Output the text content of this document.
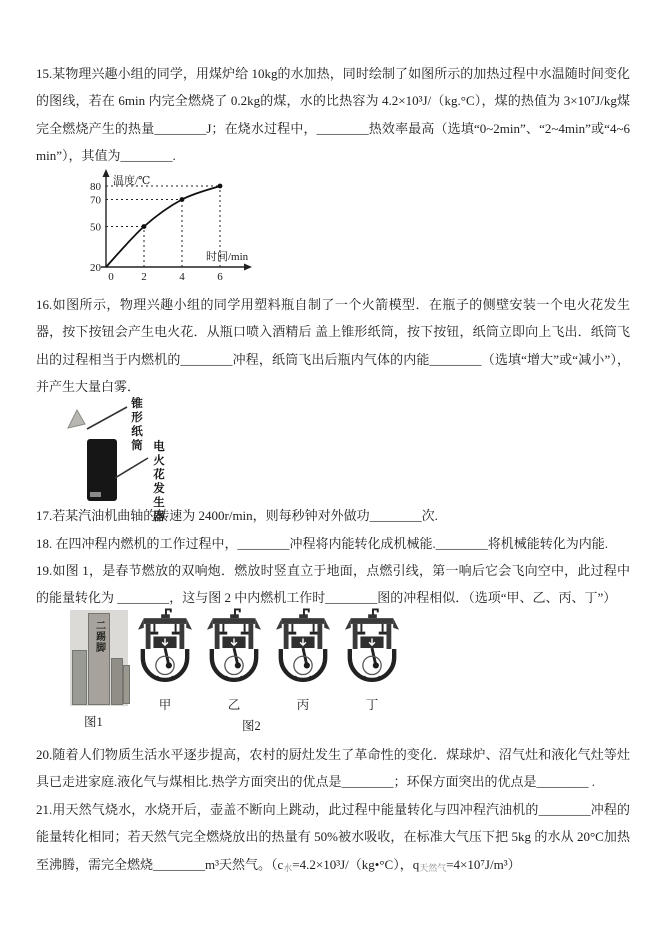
15.某物理兴趣小组的同学，用煤炉给 10kg的水加热，同时绘制了如图所示的加热过程中水温随时间变化的图线，若在 6min 内完全燃烧了 0.2kg的煤，水的比热容为 4.2×10³J/（kg.°C），煤的热值为 3×10⁷J/kg煤完全燃烧产生的热量________J；在烧水过程中，________热效率最高（选填“0~2min”、“2~4min”或“4~6min”），其值为________.

温度/℃
时间/min
20
50
70
80
0	2	4	6

16.如图所示，物理兴趣小组的同学用塑料瓶自制了一个火箭模型．在瓶子的侧壁安装一个电火花发生器，按下按钮会产生电火花．从瓶口喷入酒精后 盖上锥形纸筒，按下按钮，纸筒立即向上飞出．纸筒飞出的过程相当于内燃机的________冲程，纸筒飞出后瓶内气体的内能________（选填“增大”或“减小”），并产生大量白雾．

锥形纸筒
电火花发生器

17.若某汽油机曲轴的转速为 2400r/min，则每秒钟对外做功________次.

18. 在四冲程内燃机的工作过程中，________冲程将内能转化成机械能.________将机械能转化为内能.

19.如图 1，是春节燃放的双响炮．燃放时竖直立于地面，点燃引线，第一响后它会飞向空中，此过程中的能量转化为 ________，这与图 2 中内燃机工作时________图的冲程相似．（选项“甲、乙、丙、丁”）

二踢脚
图1
甲	乙	丙	丁
图2

20.随着人们物质生活水平逐步提高，农村的厨灶发生了革命性的变化．煤球炉、沼气灶和液化气灶等灶具已走进家庭.液化气与煤相比.热学方面突出的优点是________；环保方面突出的优点是________ .

21.用天然气烧水，水烧开后，壶盖不断向上跳动，此过程中能量转化与四冲程汽油机的________冲程的能量转化相同；若天然气完全燃烧放出的热量有 50%被水吸收，在标准大气压下把 5kg 的水从 20°C加热至沸腾，需完全燃烧________m³天然气。（c水=4.2×10³J/（kg•°C），q天然气=4×10⁷J/m³）
